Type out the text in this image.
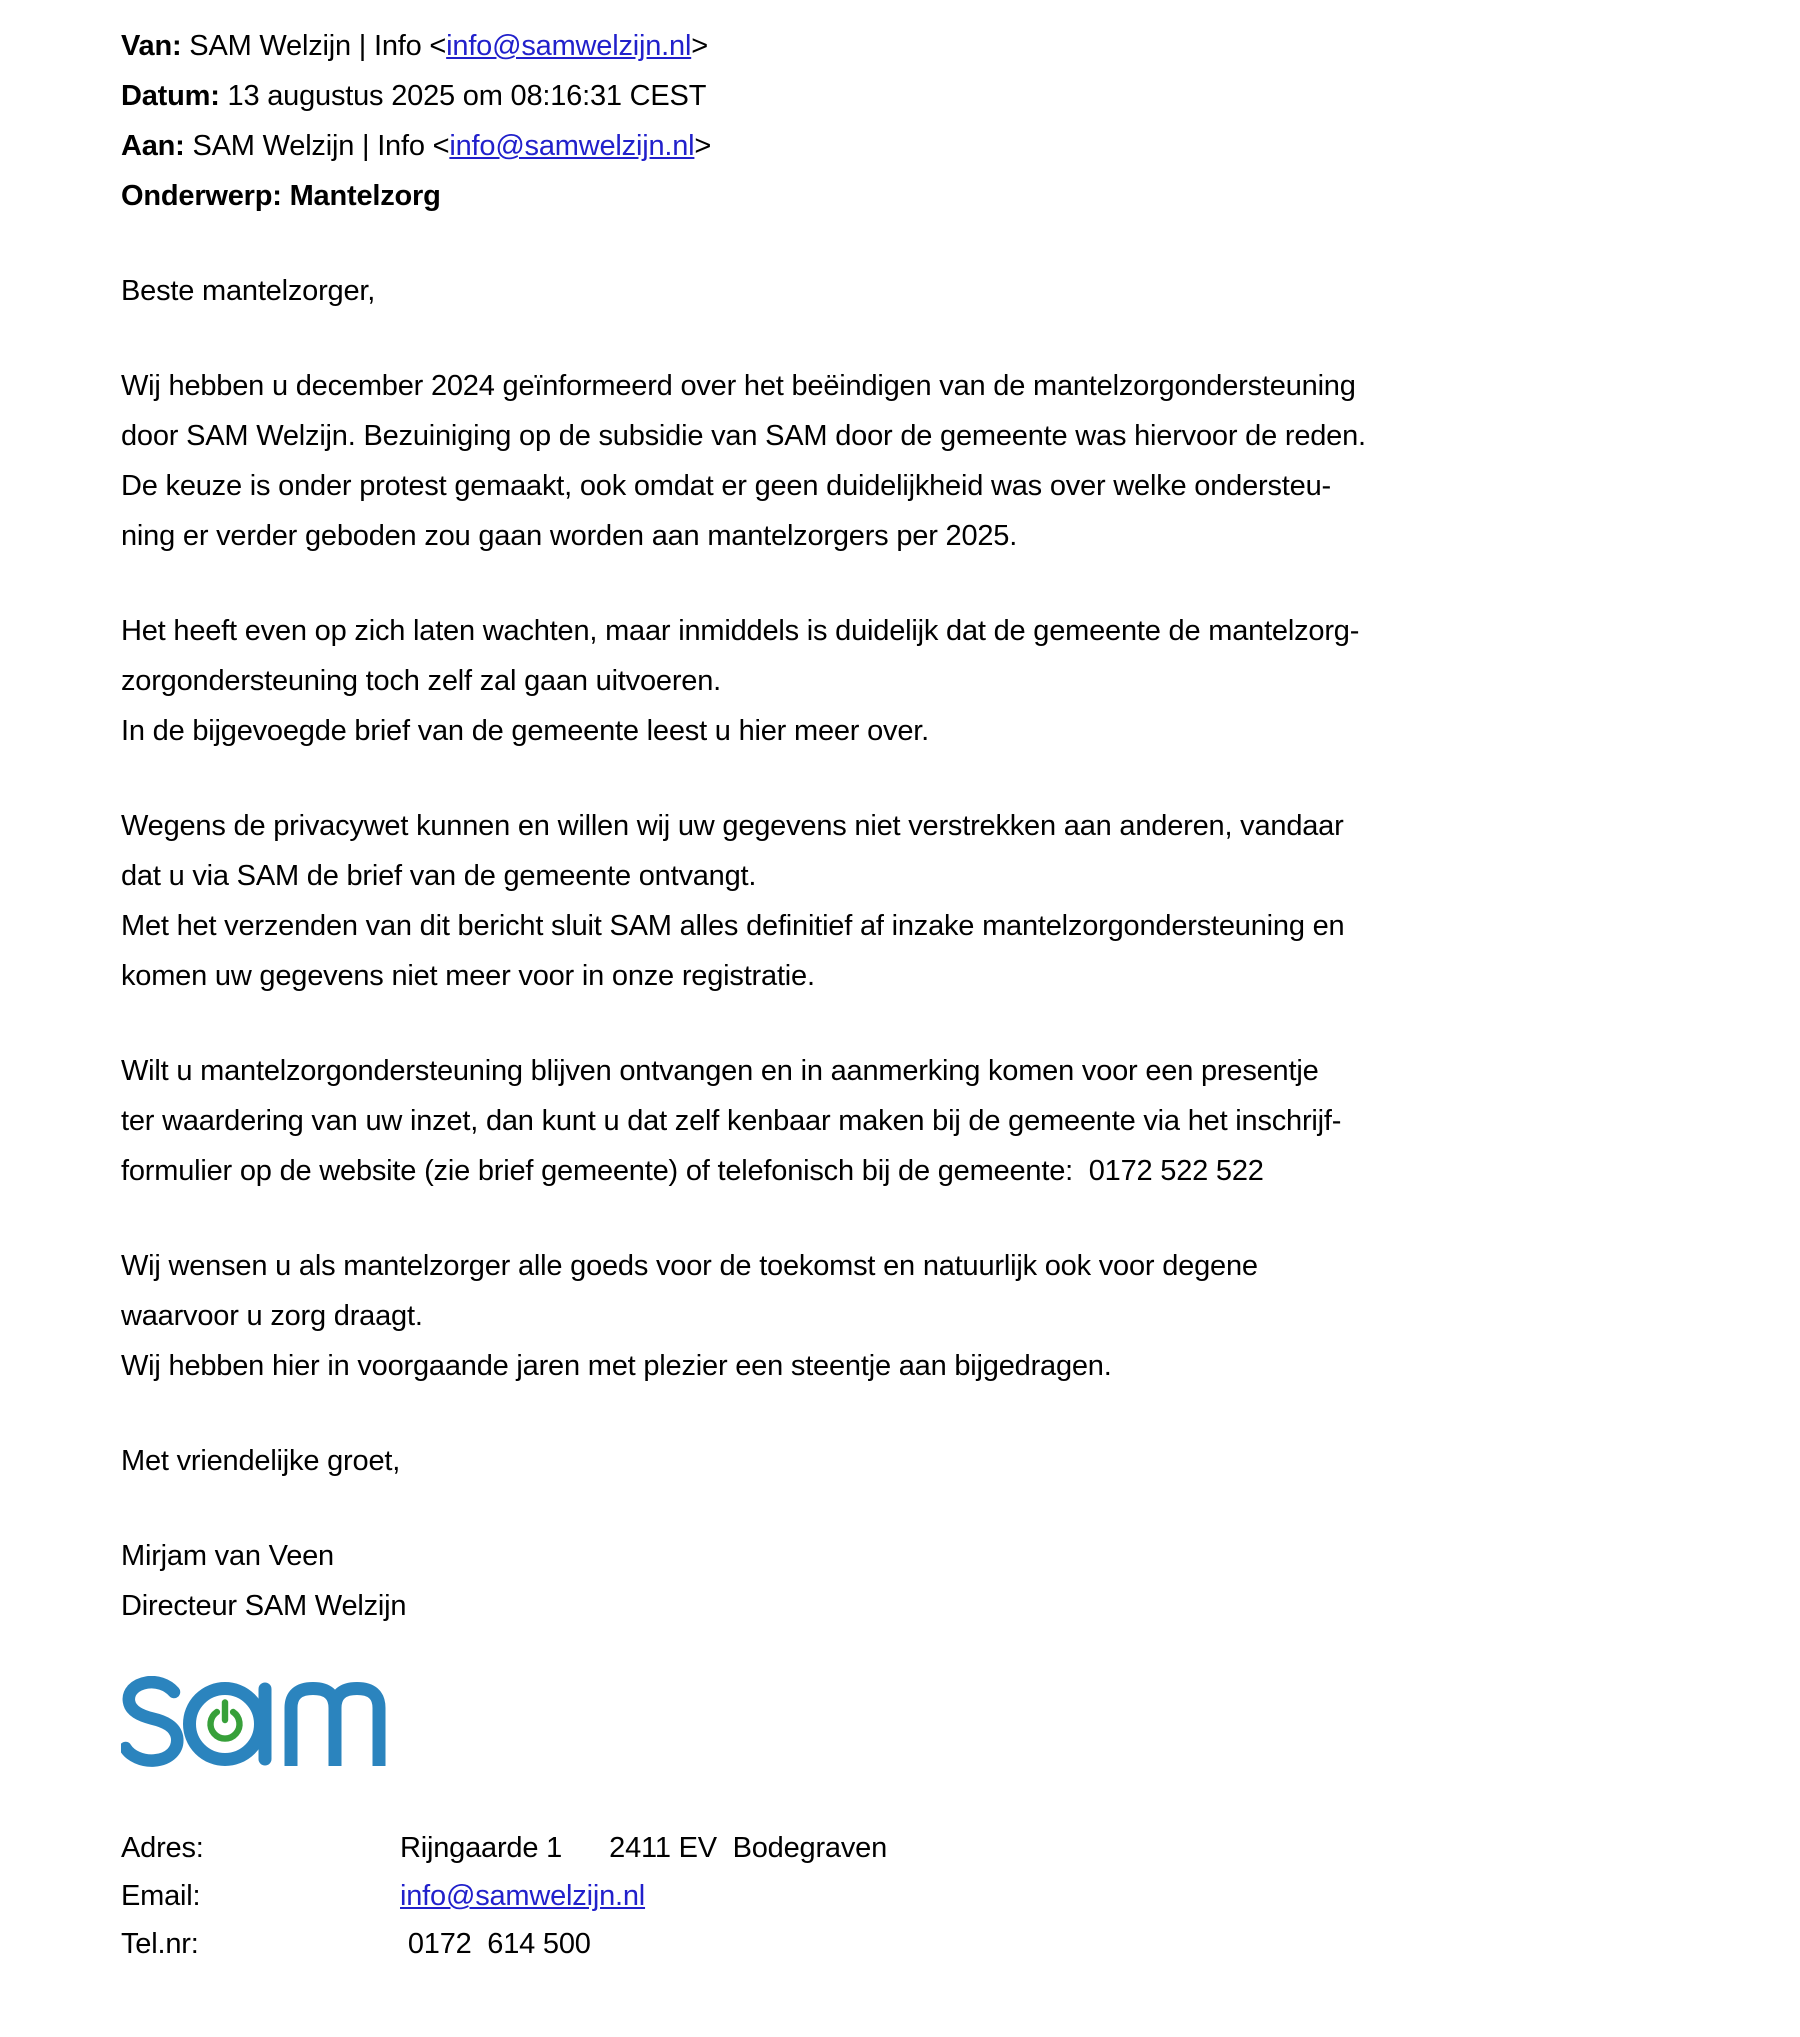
Van: SAM Welzijn | Info <info@samwelzijn.nl>
Datum: 13 augustus 2025 om 08:16:31 CEST
Aan: SAM Welzijn | Info <info@samwelzijn.nl>
Onderwerp: Mantelzorg
Beste mantelzorger,
Wij hebben u december 2024 geïnformeerd over het beëindigen van de mantelzorgondersteuning
door SAM Welzijn. Bezuiniging op de subsidie van SAM door de gemeente was hiervoor de reden.
De keuze is onder protest gemaakt, ook omdat er geen duidelijkheid was over welke ondersteu-
ning er verder geboden zou gaan worden aan mantelzorgers per 2025.
Het heeft even op zich laten wachten, maar inmiddels is duidelijk dat de gemeente de mantelzorg-
zorgondersteuning toch zelf zal gaan uitvoeren.
In de bijgevoegde brief van de gemeente leest u hier meer over.
Wegens de privacywet kunnen en willen wij uw gegevens niet verstrekken aan anderen, vandaar
dat u via SAM de brief van de gemeente ontvangt.
Met het verzenden van dit bericht sluit SAM alles definitief af inzake mantelzorgondersteuning en
komen uw gegevens niet meer voor in onze registratie.
Wilt u mantelzorgondersteuning blijven ontvangen en in aanmerking komen voor een presentje
ter waardering van uw inzet, dan kunt u dat zelf kenbaar maken bij de gemeente via het inschrijf-
formulier op de website (zie brief gemeente) of telefonisch bij de gemeente:  0172 522 522
Wij wensen u als mantelzorger alle goeds voor de toekomst en natuurlijk ook voor degene
waarvoor u zorg draagt.
Wij hebben hier in voorgaande jaren met plezier een steentje aan bijgedragen.
Met vriendelijke groet,
Mirjam van Veen
Directeur SAM Welzijn
Adres:	Rijngaarde 1      2411 EV  Bodegraven
Email:	info@samwelzijn.nl
Tel.nr:	0172  614 500
